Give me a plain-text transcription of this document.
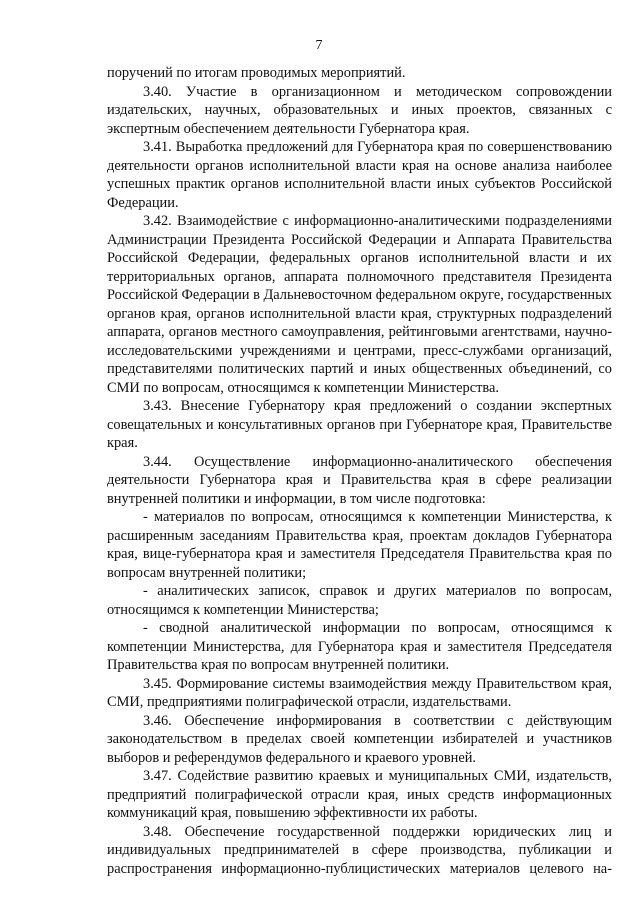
7

поручений по итогам проводимых мероприятий.

3.40. Участие в организационном и методическом сопровождении издательских, научных, образовательных и иных проектов, связанных с экспертным обеспечением деятельности Губернатора края.

3.41. Выработка предложений для Губернатора края по совершенствованию деятельности органов исполнительной власти края на основе анализа наиболее успешных практик органов исполнительной власти иных субъектов Российской Федерации.

3.42. Взаимодействие с информационно-аналитическими подразделениями Администрации Президента Российской Федерации и Аппарата Правительства Российской Федерации, федеральных органов исполнительной власти и их территориальных органов, аппарата полномочного представителя Президента Российской Федерации в Дальневосточном федеральном округе, государственных органов края, органов исполнительной власти края, структурных подразделений аппарата, органов местного самоуправления, рейтинговыми агентствами, научно-исследовательскими учреждениями и центрами, пресс-службами организаций, представителями политических партий и иных общественных объединений, со СМИ по вопросам, относящимся к компетенции Министерства.

3.43. Внесение Губернатору края предложений о создании экспертных совещательных и консультативных органов при Губернаторе края, Правительстве края.

3.44. Осуществление информационно-аналитического обеспечения деятельности Губернатора края и Правительства края в сфере реализации внутренней политики и информации, в том числе подготовка:

- материалов по вопросам, относящимся к компетенции Министерства, к расширенным заседаниям Правительства края, проектам докладов Губернатора края, вице-губернатора края и заместителя Председателя Правительства края по вопросам внутренней политики;

- аналитических записок, справок и других материалов по вопросам, относящимся к компетенции Министерства;

- сводной аналитической информации по вопросам, относящимся к компетенции Министерства, для Губернатора края и заместителя Председателя Правительства края по вопросам внутренней политики.

3.45. Формирование системы взаимодействия между Правительством края, СМИ, предприятиями полиграфической отрасли, издательствами.

3.46. Обеспечение информирования в соответствии с действующим законодательством в пределах своей компетенции избирателей и участников выборов и референдумов федерального и краевого уровней.

3.47. Содействие развитию краевых и муниципальных СМИ, издательств, предприятий полиграфической отрасли края, иных средств информационных коммуникаций края, повышению эффективности их работы.

3.48. Обеспечение государственной поддержки юридических лиц и индивидуальных предпринимателей в сфере производства, публикации и распространения информационно-публицистических материалов целевого на-
